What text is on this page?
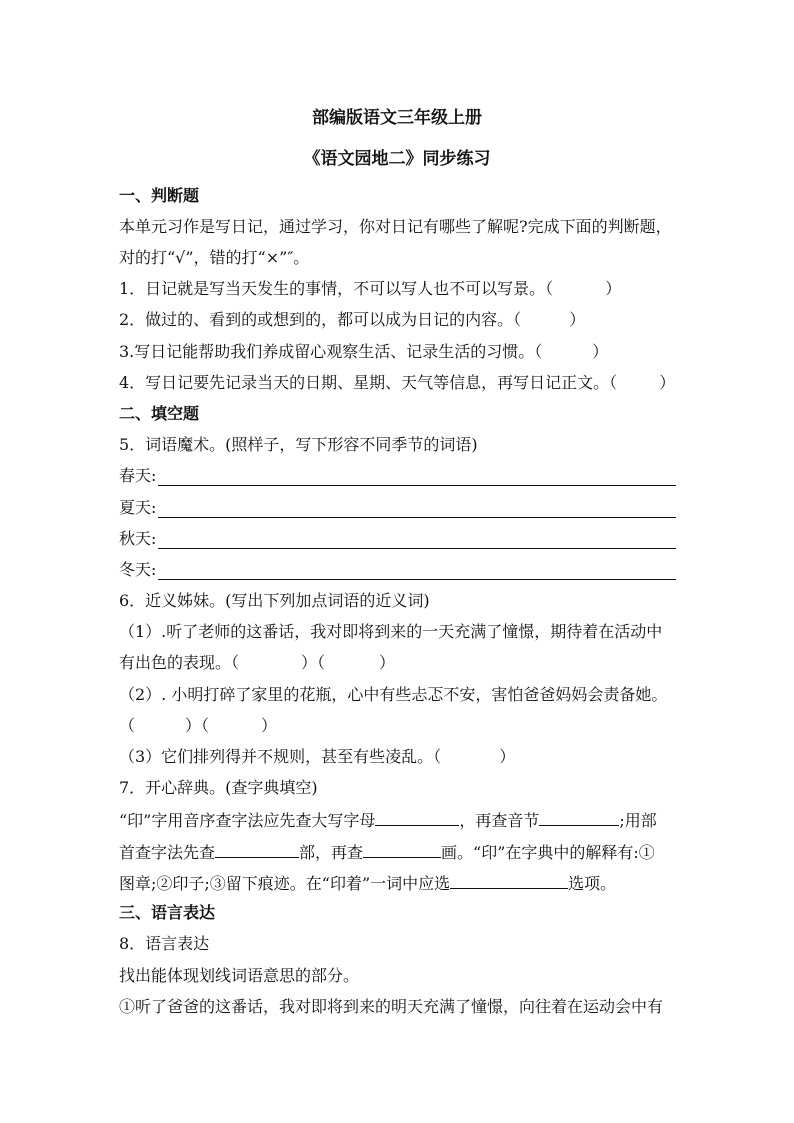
部编版语文三年级上册
《语文园地二》同步练习
一、判断题
本单元习作是写日记，通过学习，你对日记有哪些了解呢?完成下面的判断题，
对的打“√”，错的打“×”″。
1．日记就是写当天发生的事情，不可以写人也不可以写景。（	）
2．做过的、看到的或想到的，都可以成为日记的内容。（	）
3.写日记能帮助我们养成留心观察生活、记录生活的习惯。（	）
4．写日记要先记录当天的日期、星期、天气等信息，再写日记正文。（	）
二、填空题
5．词语魔术。(照样子，写下形容不同季节的词语)
春天:
夏天:
秋天:
冬天:
6．近义姊妹。(写出下列加点词语的近义词)
（1）.听了老师的这番话，我对即将到来的一天充满了憧憬，期待着在活动中
有出色的表现。（	）（	）
（2）. 小明打碎了家里的花瓶，心中有些忐忑不安，害怕爸爸妈妈会责备她。
（	）（	）
（3）它们排列得并不规则，甚至有些凌乱。（	）
7．开心辞典。(查字典填空)
“印”字用音序查字法应先查大写字母	，再查音节	;用部
首查字法先查	部，再查	画。“印”在字典中的解释有:①
图章;②印子;③留下痕迹。在“印着”一词中应选	选项。
三、语言表达
8．语言表达
找出能体现划线词语意思的部分。
①听了爸爸的这番话，我对即将到来的明天充满了憧憬，向往着在运动会中有
